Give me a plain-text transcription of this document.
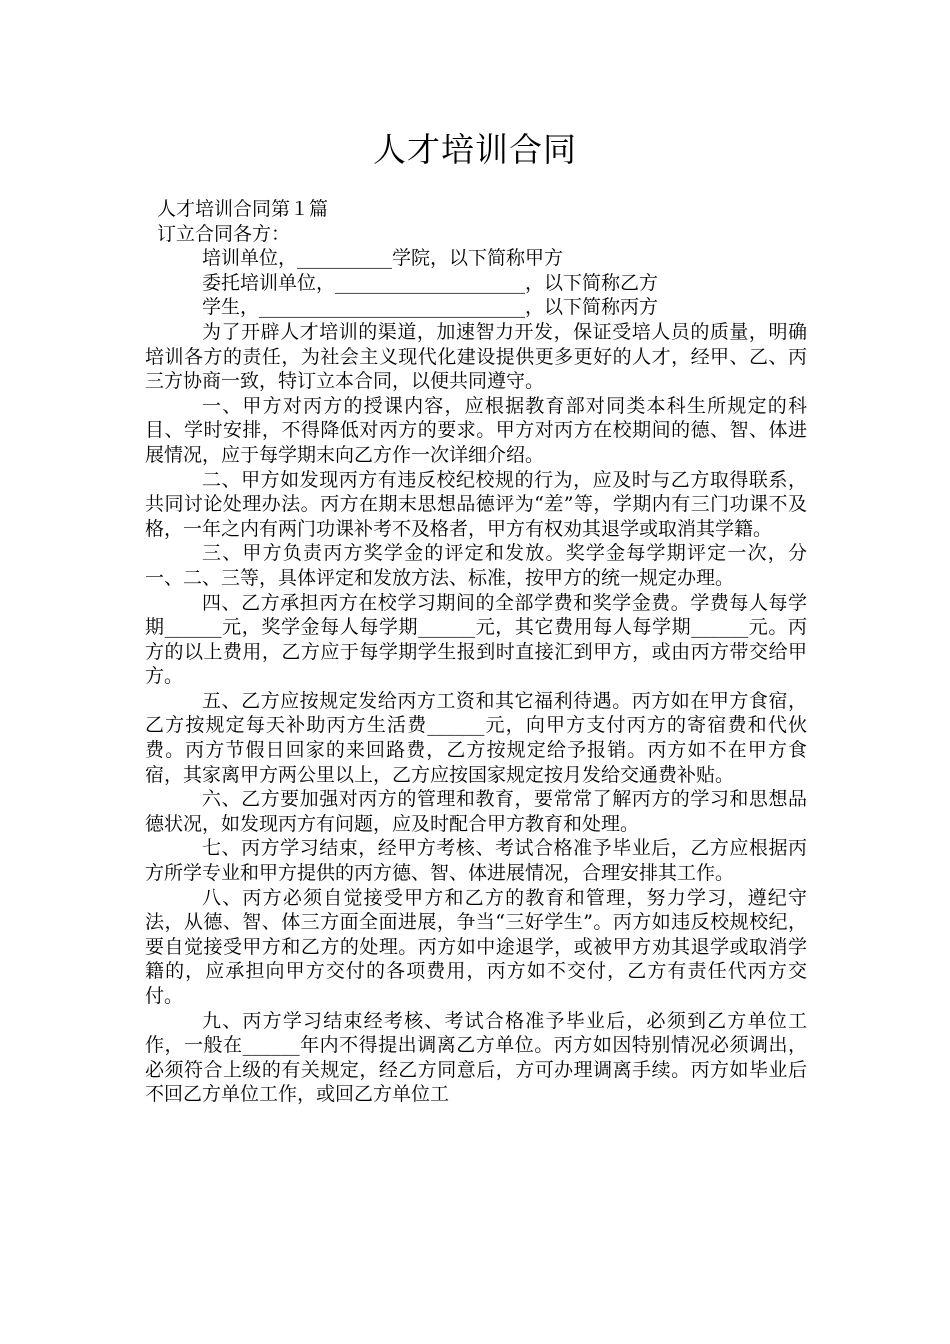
人才培训合同

人才培训合同第１篇

订立合同各方：

培训单位，__________学院，以下简称甲方

委托培训单位，____________________，以下简称乙方

学生，____________________________，以下简称丙方

为了开辟人才培训的渠道，加速智力开发，保证受培人员的质量，明确培训各方的责任，为社会主义现代化建设提供更多更好的人才，经甲、乙、丙三方协商一致，特订立本合同，以便共同遵守。

一、甲方对丙方的授课内容，应根据教育部对同类本科生所规定的科目、学时安排，不得降低对丙方的要求。甲方对丙方在校期间的德、智、体进展情况，应于每学期末向乙方作一次详细介绍。

二、甲方如发现丙方有违反校纪校规的行为，应及时与乙方取得联系，共同讨论处理办法。丙方在期末思想品德评为“差”等，学期内有三门功课不及格，一年之内有两门功课补考不及格者，甲方有权劝其退学或取消其学籍。

三、甲方负责丙方奖学金的评定和发放。奖学金每学期评定一次，分一、二、三等，具体评定和发放方法、标准，按甲方的统一规定办理。

四、乙方承担丙方在校学习期间的全部学费和奖学金费。学费每人每学期______元，奖学金每人每学期______元，其它费用每人每学期______元。丙方的以上费用，乙方应于每学期学生报到时直接汇到甲方，或由丙方带交给甲方。

五、乙方应按规定发给丙方工资和其它福利待遇。丙方如在甲方食宿，乙方按规定每天补助丙方生活费______元，向甲方支付丙方的寄宿费和代伙费。丙方节假日回家的来回路费，乙方按规定给予报销。丙方如不在甲方食宿，其家离甲方两公里以上，乙方应按国家规定按月发给交通费补贴。

六、乙方要加强对丙方的管理和教育，要常常了解丙方的学习和思想品德状况，如发现丙方有问题，应及时配合甲方教育和处理。

七、丙方学习结束，经甲方考核、考试合格准予毕业后，乙方应根据丙方所学专业和甲方提供的丙方德、智、体进展情况，合理安排其工作。

八、丙方必须自觉接受甲方和乙方的教育和管理，努力学习，遵纪守法，从德、智、体三方面全面进展，争当“三好学生”。丙方如违反校规校纪，要自觉接受甲方和乙方的处理。丙方如中途退学，或被甲方劝其退学或取消学籍的，应承担向甲方交付的各项费用，丙方如不交付，乙方有责任代丙方交付。

九、丙方学习结束经考核、考试合格准予毕业后，必须到乙方单位工作，一般在______年内不得提出调离乙方单位。丙方如因特别情况必须调出，必须符合上级的有关规定，经乙方同意后，方可办理调离手续。丙方如毕业后不回乙方单位工作，或回乙方单位工
